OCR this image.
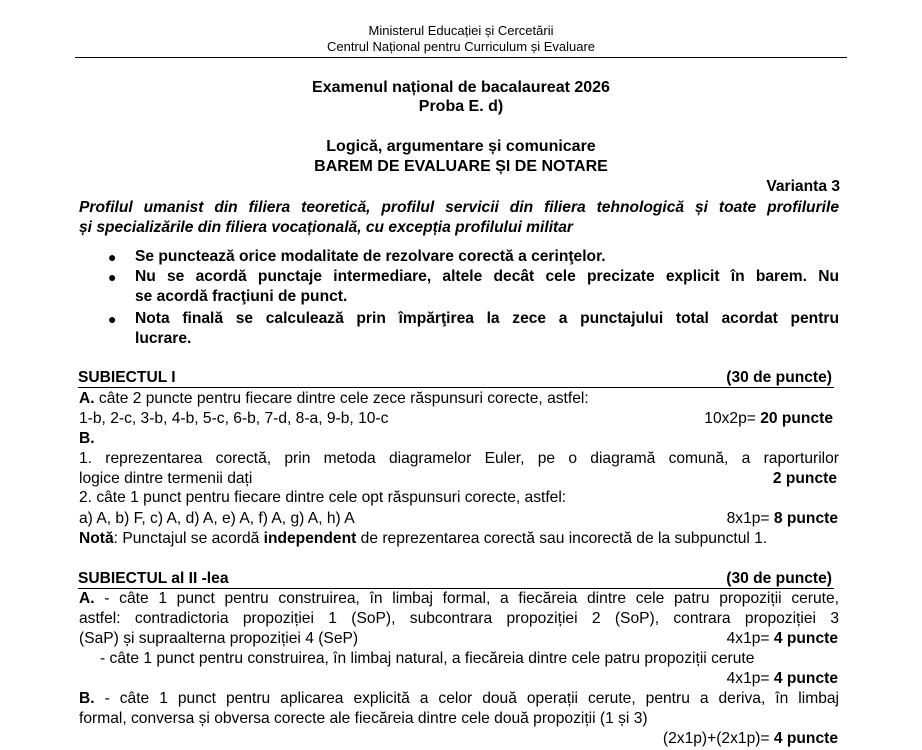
Ministerul Educației și Cercetării
Centrul Național pentru Curriculum și Evaluare
Examenul național de bacalaureat 2026
Proba E. d)
Logică, argumentare și comunicare
BAREM DE EVALUARE ȘI DE NOTARE
Varianta 3
Profilul umanist din filiera teoretică, profilul servicii din filiera tehnologică și toate profilurile
și specializările din filiera vocațională, cu excepția profilului militar
● Se punctează orice modalitate de rezolvare corectă a cerinţelor.
● Nu se acordă punctaje intermediare, altele decât cele precizate explicit în barem. Nu
se acordă fracţiuni de punct.
● Nota finală se calculează prin împărţirea la zece a punctajului total acordat pentru
lucrare.
SUBIECTUL I	(30 de puncte)
A. câte 2 puncte pentru fiecare dintre cele zece răspunsuri corecte, astfel:
1-b, 2-c, 3-b, 4-b, 5-c, 6-b, 7-d, 8-a, 9-b, 10-c	10x2p= 20 puncte
B.
1. reprezentarea corectă, prin metoda diagramelor Euler, pe o diagramă comună, a raporturilor
logice dintre termenii dați	2 puncte
2. câte 1 punct pentru fiecare dintre cele opt răspunsuri corecte, astfel:
a) A, b) F, c) A, d) A, e) A, f) A, g) A, h) A	8x1p= 8 puncte
Notă: Punctajul se acordă independent de reprezentarea corectă sau incorectă de la subpunctul 1.
SUBIECTUL al II -lea	(30 de puncte)
A. - câte 1 punct pentru construirea, în limbaj formal, a fiecăreia dintre cele patru propoziții cerute,
astfel: contradictoria propoziției 1 (SoP), subcontrara propoziției 2 (SoP), contrara propoziției 3
(SaP) și supraalterna propoziției 4 (SeP)	4x1p= 4 puncte
- câte 1 punct pentru construirea, în limbaj natural, a fiecăreia dintre cele patru propoziții cerute
4x1p= 4 puncte
B. - câte 1 punct pentru aplicarea explicită a celor două operații cerute, pentru a deriva, în limbaj
formal, conversa și obversa corecte ale fiecăreia dintre cele două propoziții (1 și 3)
(2x1p)+(2x1p)= 4 puncte
